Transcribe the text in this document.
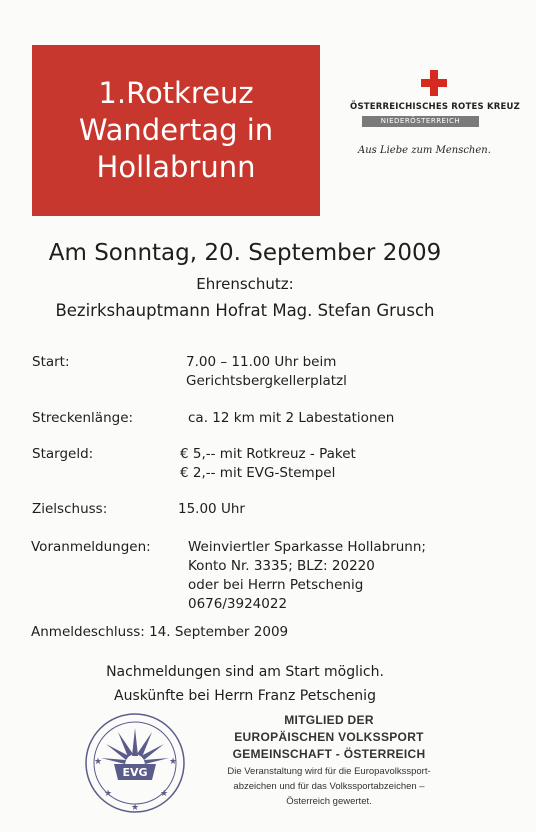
1.Rotkreuz
Wandertag in
Hollabrunn
ÖSTERREICHISCHES ROTES KREUZ
NIEDERÖSTERREICH
Aus Liebe zum Menschen.
Am Sonntag, 20. September 2009
Ehrenschutz:
Bezirkshauptmann Hofrat Mag. Stefan Grusch
Start:	7.00 – 11.00 Uhr beim
Gerichtsbergkellerplatzl
Streckenlänge:	ca. 12 km mit 2 Labestationen
Stargeld:	€ 5,-- mit Rotkreuz - Paket
€ 2,-- mit EVG-Stempel
Zielschuss:	15.00 Uhr
Voranmeldungen:	Weinviertler Sparkasse Hollabrunn;
Konto Nr. 3335; BLZ: 20220
oder bei Herrn Petschenig
0676/3924022
Anmeldeschluss: 14. September 2009
Nachmeldungen sind am Start möglich.
Auskünfte bei Herrn Franz Petschenig
EVG
★	★
★	★
★
MITGLIED DER
EUROPÄISCHEN VOLKSSPORT
GEMEINSCHAFT - ÖSTERREICH
Die Veranstaltung wird für die Europavolkssport-
abzeichen und für das Volkssportabzeichen –
Österreich gewertet.
